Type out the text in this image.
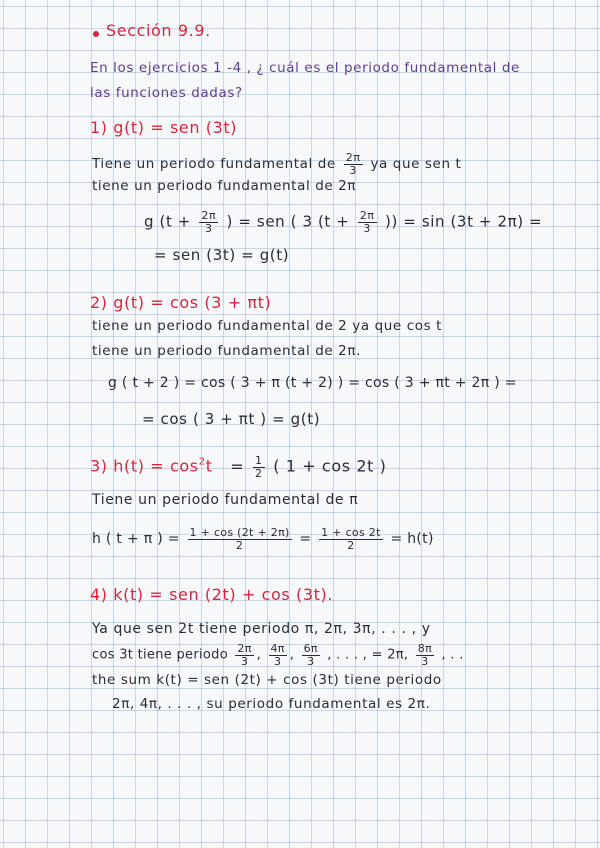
Sección 9.9.
En los ejercicios 1 -4 , ¿ cuál es el periodo fundamental de
las funciones dadas?
1) g(t) = sen (3t)
Tiene un periodo fundamental de $\frac{2\pi}{3}$ ya que sen t
tiene un periodo fundamental de 2π
g ($t + \frac{2\pi}{3}$ ) = sen ( 3 ($t + \frac{2\pi}{3}$ )) = sin (3t + 2π) =
= sen (3t) = g(t)
2) g(t) = cos (3 + πt)
tiene un periodo fundamental de 2 ya que cos t
tiene un periodo fundamental de 2π.
g ( t + 2 ) = cos ( 3 + π (t + 2) ) = cos ( 3 + πt + 2π ) =
= cos ( 3 + πt ) = g(t)
3) $h(t) = \cos^2t = \frac{1}{2}$ ( 1 + cos 2t )
Tiene un periodo fundamental de π
h ( t + π ) = $\frac{1 + \cos (2t + 2\pi)}{2} = \frac{1 + \cos 2t}{2} = h(t)$
4) k(t) = sen (2t) + cos (3t).
Ya que sen 2t tiene periodo π, 2π, 3π, . . . , y
cos 3t tiene periodo $\frac{2\pi}{3}$ , $\frac{4\pi}{3}$ , $\frac{6\pi}{3}$ , . . . , = 2π, $\frac{8\pi}{3}$ , . .
the sum k(t) = sen (2t) + cos (3t) tiene periodo
2π, 4π, . . . , su periodo fundamental es 2π.
